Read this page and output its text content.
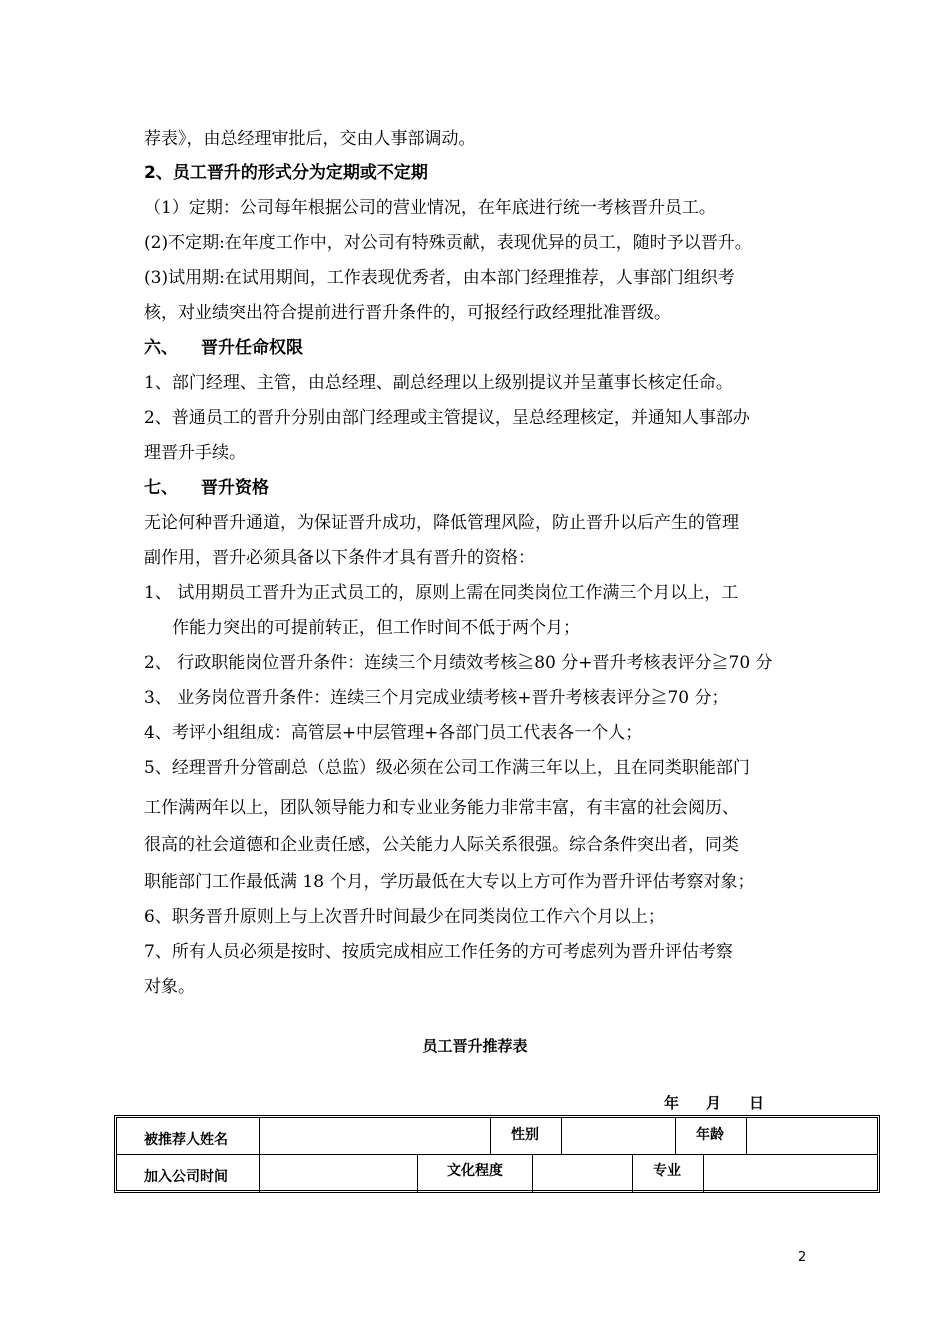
荐表》，由总经理审批后，交由人事部调动。
2、员工晋升的形式分为定期或不定期
（1）定期：公司每年根据公司的营业情况，在年底进行统一考核晋升员工。
(2)不定期:在年度工作中，对公司有特殊贡献，表现优异的员工，随时予以晋升。
(3)试用期:在试用期间，工作表现优秀者，由本部门经理推荐，人事部门组织考
核，对业绩突出符合提前进行晋升条件的，可报经行政经理批准晋级。
六、 晋升任命权限
1、部门经理、主管，由总经理、副总经理以上级别提议并呈董事长核定任命。
2、普通员工的晋升分别由部门经理或主管提议，呈总经理核定，并通知人事部办
理晋升手续。
七、 晋升资格
无论何种晋升通道，为保证晋升成功，降低管理风险，防止晋升以后产生的管理
副作用，晋升必须具备以下条件才具有晋升的资格：
1、 试用期员工晋升为正式员工的，原则上需在同类岗位工作满三个月以上，工
作能力突出的可提前转正，但工作时间不低于两个月；
2、 行政职能岗位晋升条件：连续三个月绩效考核≧80 分+晋升考核表评分≧70 分
3、 业务岗位晋升条件：连续三个月完成业绩考核+晋升考核表评分≧70 分；
4、考评小组组成：高管层+中层管理+各部门员工代表各一个人；
5、经理晋升分管副总（总监）级必须在公司工作满三年以上，且在同类职能部门
工作满两年以上，团队领导能力和专业业务能力非常丰富，有丰富的社会阅历、
很高的社会道德和企业责任感，公关能力人际关系很强。综合条件突出者，同类
职能部门工作最低满 18 个月，学历最低在大专以上方可作为晋升评估考察对象；
6、职务晋升原则上与上次晋升时间最少在同类岗位工作六个月以上；
7、所有人员必须是按时、按质完成相应工作任务的方可考虑列为晋升评估考察
对象。
员工晋升推荐表
年 月 日
被推荐人姓名	性别	年龄
加入公司时间	文化程度	专业
2
